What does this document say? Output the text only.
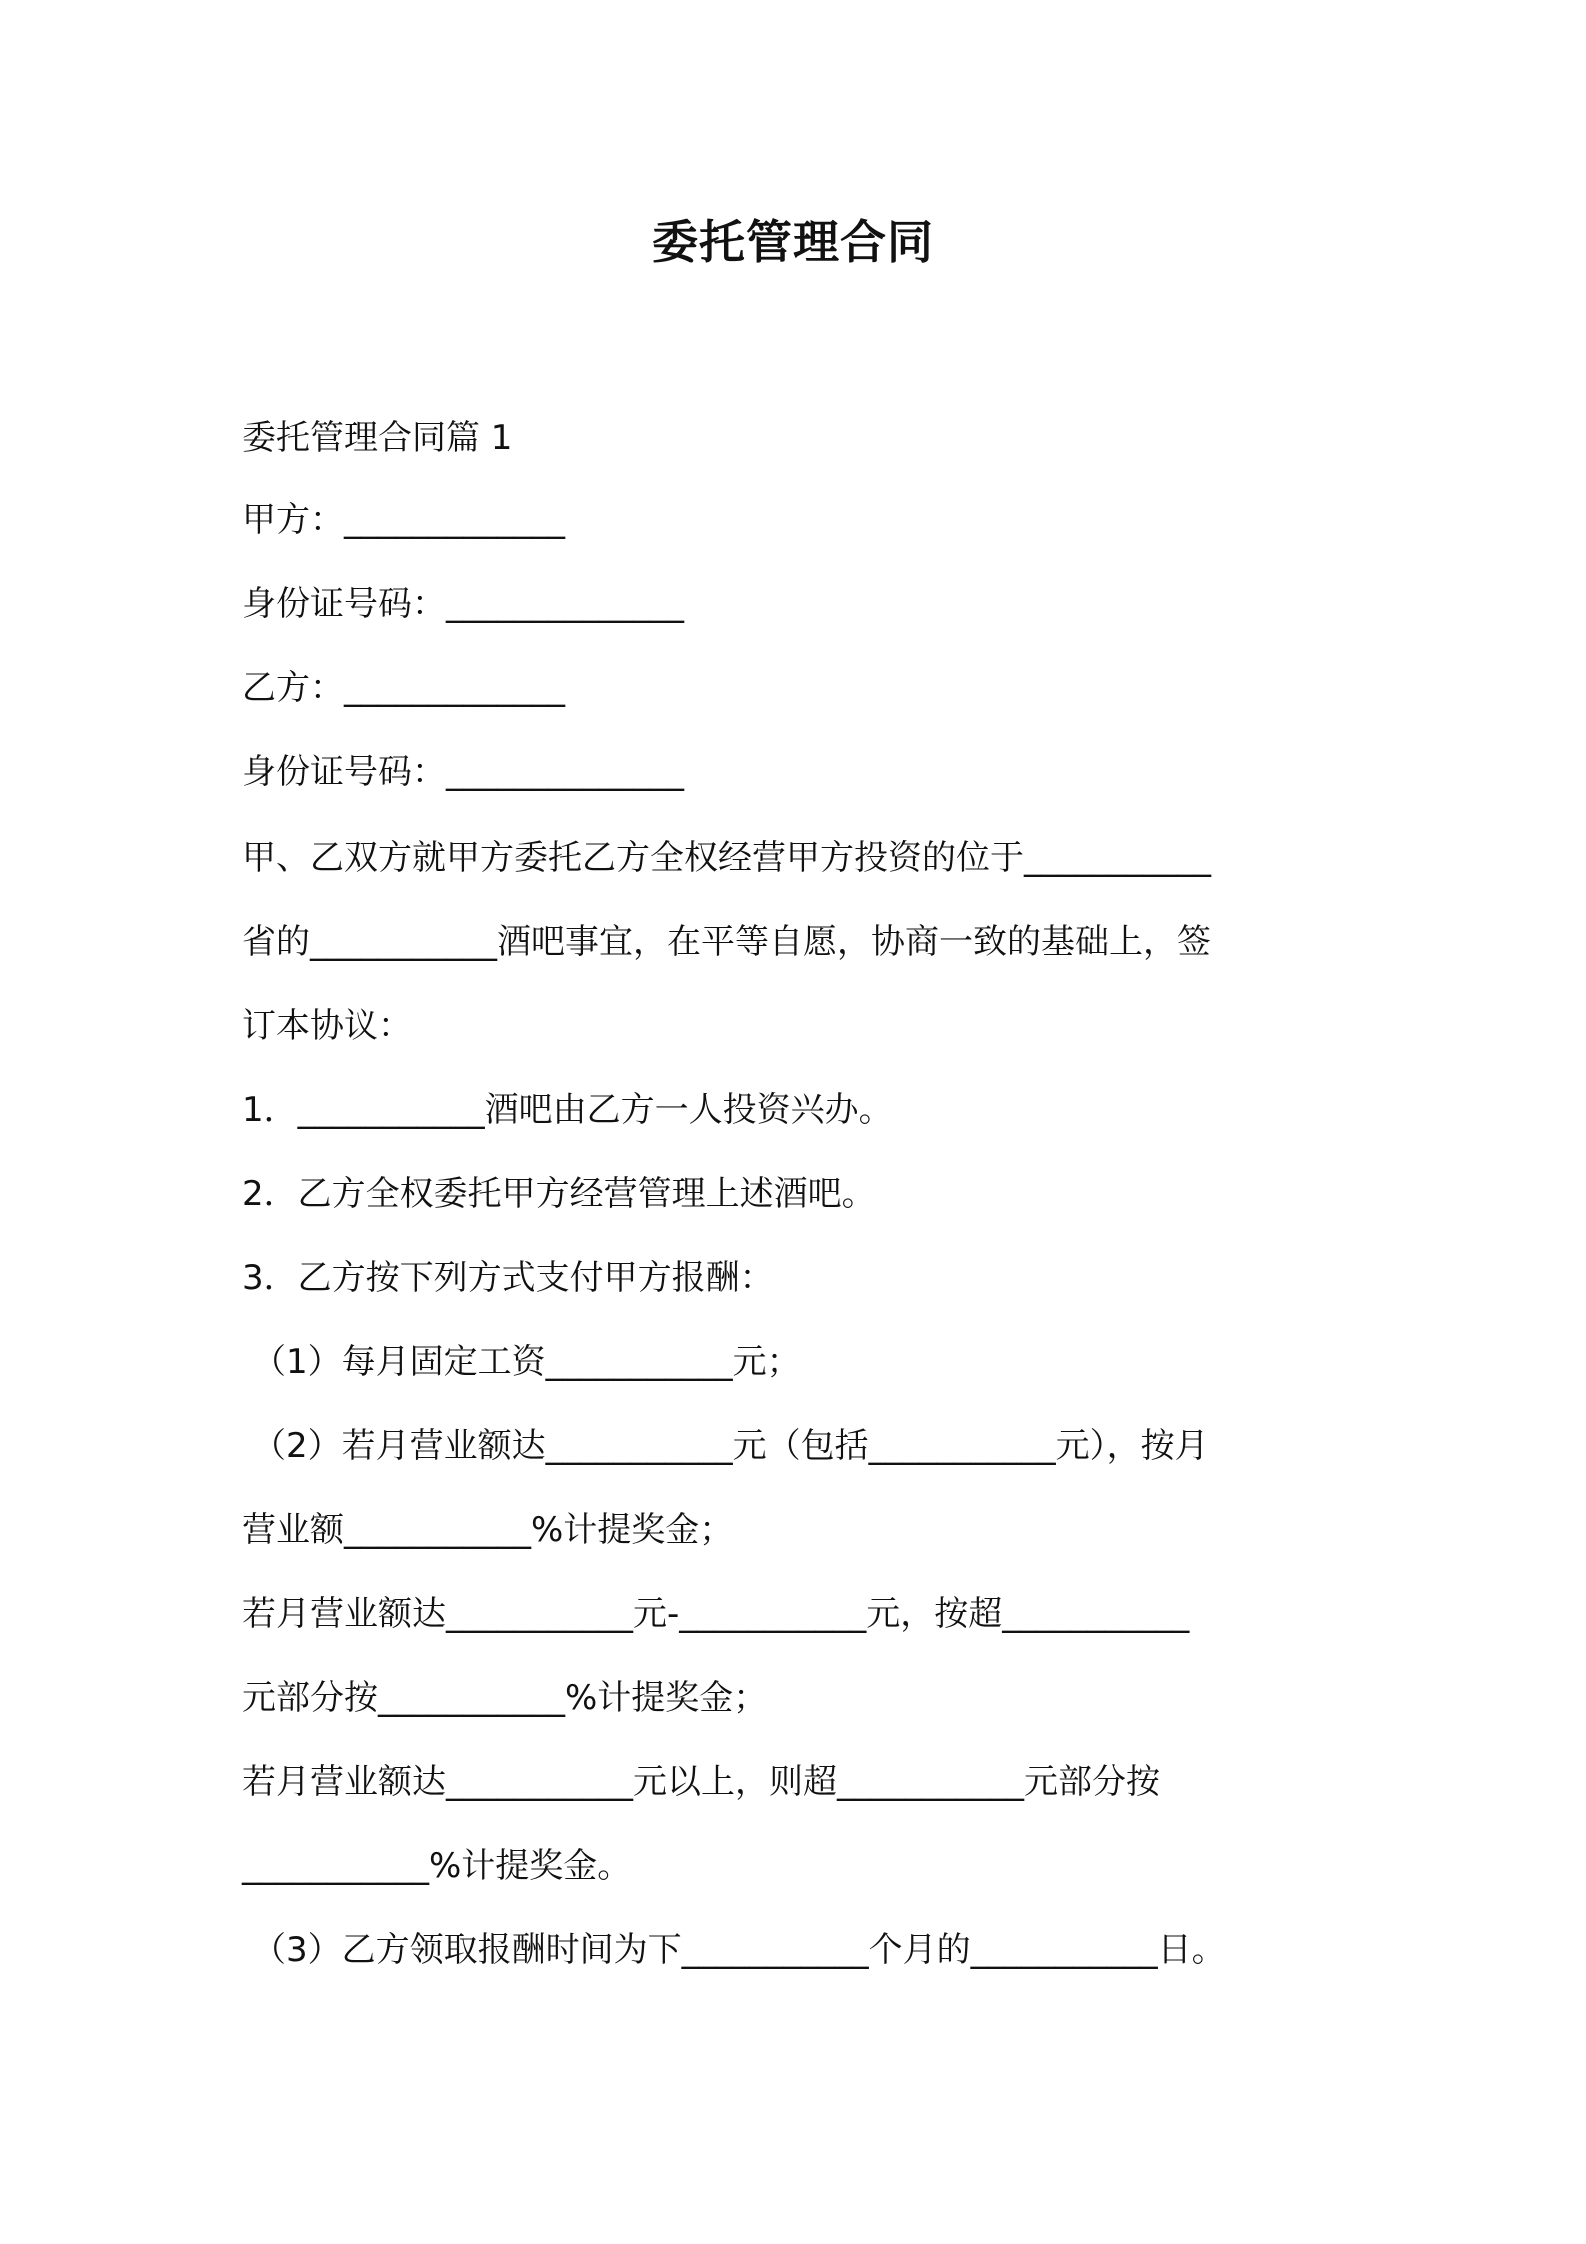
委托管理合同
委托管理合同篇 1
甲方：_____________
身份证号码：______________
乙方：_____________
身份证号码：______________
甲、乙双方就甲方委托乙方全权经营甲方投资的位于___________
省的___________酒吧事宜，在平等自愿，协商一致的基础上，签
订本协议：
1．___________酒吧由乙方一人投资兴办。
2．乙方全权委托甲方经营管理上述酒吧。
3．乙方按下列方式支付甲方报酬：
（1）每月固定工资___________元；
（2）若月营业额达___________元（包括___________元），按月
营业额___________%计提奖金；
若月营业额达___________元-___________元，按超___________
元部分按___________%计提奖金；
若月营业额达___________元以上，则超___________元部分按
___________%计提奖金。
（3）乙方领取报酬时间为下___________个月的___________日。
